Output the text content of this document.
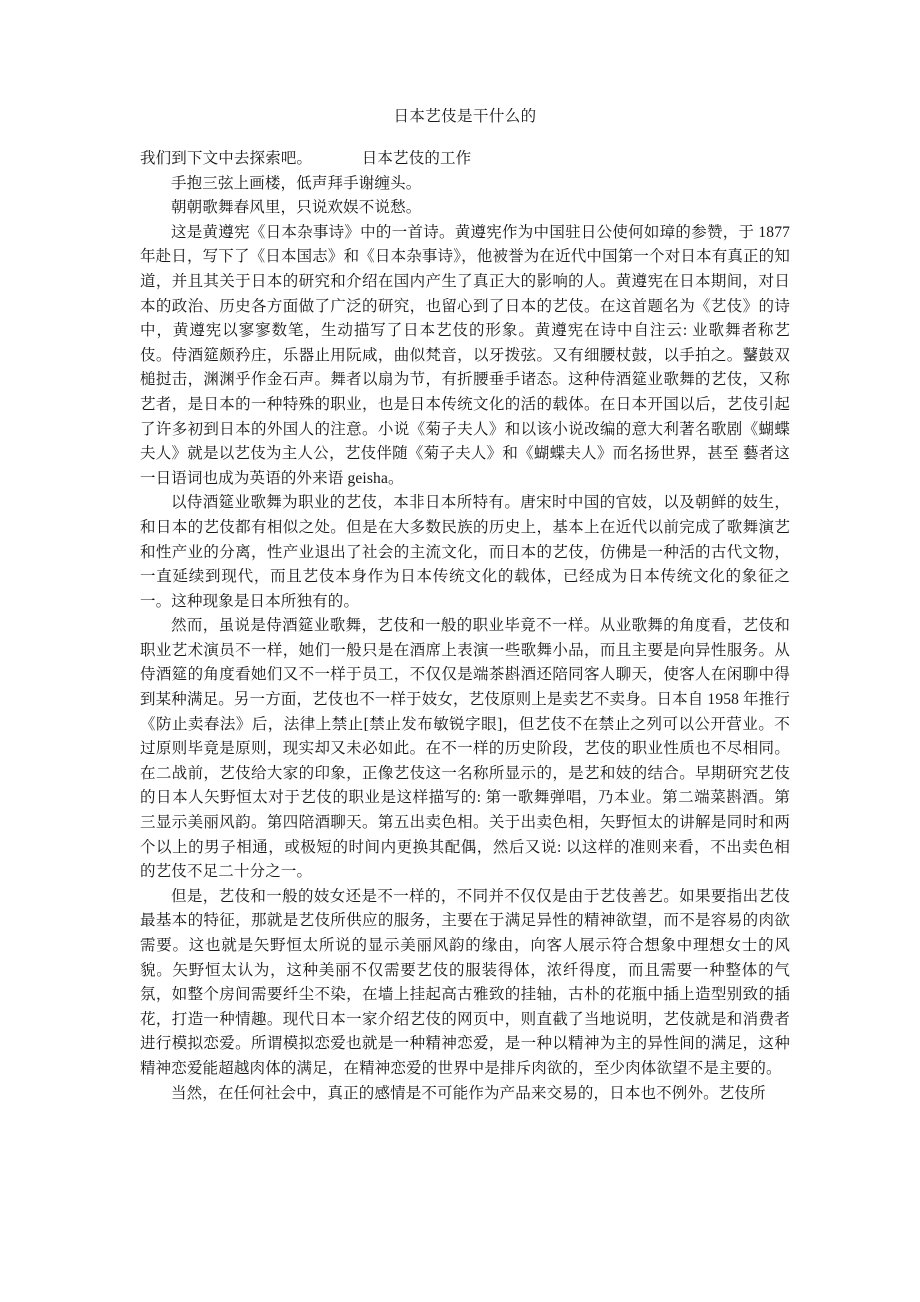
日本艺伎是干什么的

我们到下文中去探索吧。	日本艺伎的工作

手抱三弦上画楼，低声拜手谢缠头。

朝朝歌舞春风里，只说欢娱不说愁。

这是黄遵宪《日本杂事诗》中的一首诗。黄遵宪作为中国驻日公使何如璋的参赞，于 1877 年赴日，写下了《日本国志》和《日本杂事诗》，他被誉为在近代中国第一个对日本有真正的知道，并且其关于日本的研究和介绍在国内产生了真正大的影响的人。黄遵宪在日本期间，对日本的政治、历史各方面做了广泛的研究，也留心到了日本的艺伎。在这首题名为《艺伎》的诗中，黄遵宪以寥寥数笔，生动描写了日本艺伎的形象。黄遵宪在诗中自注云: 业歌舞者称艺伎。侍酒筵颇矜庄，乐器止用阮咸，曲似梵音，以牙拨弦。又有细腰杖鼓，以手拍之。鼜鼓双槌挝击，渊渊乎作金石声。舞者以扇为节，有折腰垂手诸态。这种侍酒筵业歌舞的艺伎，又称艺者，是日本的一种特殊的职业，也是日本传统文化的活的载体。在日本开国以后，艺伎引起了许多初到日本的外国人的注意。小说《菊子夫人》和以该小说改编的意大利著名歌剧《蝴蝶夫人》就是以艺伎为主人公，艺伎伴随《菊子夫人》和《蝴蝶夫人》而名扬世界，甚至 藝者这一日语词也成为英语的外来语 geisha。

以侍酒筵业歌舞为职业的艺伎，本非日本所特有。唐宋时中国的官妓，以及朝鲜的妓生，和日本的艺伎都有相似之处。但是在大多数民族的历史上，基本上在近代以前完成了歌舞演艺和性产业的分离，性产业退出了社会的主流文化，而日本的艺伎，仿佛是一种活的古代文物，一直延续到现代，而且艺伎本身作为日本传统文化的载体，已经成为日本传统文化的象征之一。这种现象是日本所独有的。

然而，虽说是侍酒筵业歌舞，艺伎和一般的职业毕竟不一样。从业歌舞的角度看，艺伎和职业艺术演员不一样，她们一般只是在酒席上表演一些歌舞小品，而且主要是向异性服务。从侍酒筵的角度看她们又不一样于员工，不仅仅是端茶斟酒还陪同客人聊天，使客人在闲聊中得到某种满足。另一方面，艺伎也不一样于妓女，艺伎原则上是卖艺不卖身。日本自 1958 年推行《防止卖春法》后，法律上禁止[禁止发布敏锐字眼]，但艺伎不在禁止之列可以公开营业。不过原则毕竟是原则，现实却又未必如此。在不一样的历史阶段，艺伎的职业性质也不尽相同。在二战前，艺伎给大家的印象，正像艺伎这一名称所显示的，是艺和妓的结合。早期研究艺伎的日本人矢野恒太对于艺伎的职业是这样描写的: 第一歌舞弹唱，乃本业。第二端菜斟酒。第三显示美丽风韵。第四陪酒聊天。第五出卖色相。关于出卖色相，矢野恒太的讲解是同时和两个以上的男子相通，或极短的时间内更换其配偶，然后又说: 以这样的准则来看，不出卖色相的艺伎不足二十分之一。

但是，艺伎和一般的妓女还是不一样的，不同并不仅仅是由于艺伎善艺。如果要指出艺伎最基本的特征，那就是艺伎所供应的服务，主要在于满足异性的精神欲望，而不是容易的肉欲需要。这也就是矢野恒太所说的显示美丽风韵的缘由，向客人展示符合想象中理想女士的风貌。矢野恒太认为，这种美丽不仅需要艺伎的服装得体，浓纤得度，而且需要一种整体的气氛，如整个房间需要纤尘不染，在墙上挂起高古雅致的挂轴，古朴的花瓶中插上造型别致的插花，打造一种情趣。现代日本一家介绍艺伎的网页中，则直截了当地说明，艺伎就是和消费者进行模拟恋爱。所谓模拟恋爱也就是一种精神恋爱，是一种以精神为主的异性间的满足，这种精神恋爱能超越肉体的满足，在精神恋爱的世界中是排斥肉欲的，至少肉体欲望不是主要的。

当然，在任何社会中，真正的感情是不可能作为产品来交易的，日本也不例外。艺伎所
